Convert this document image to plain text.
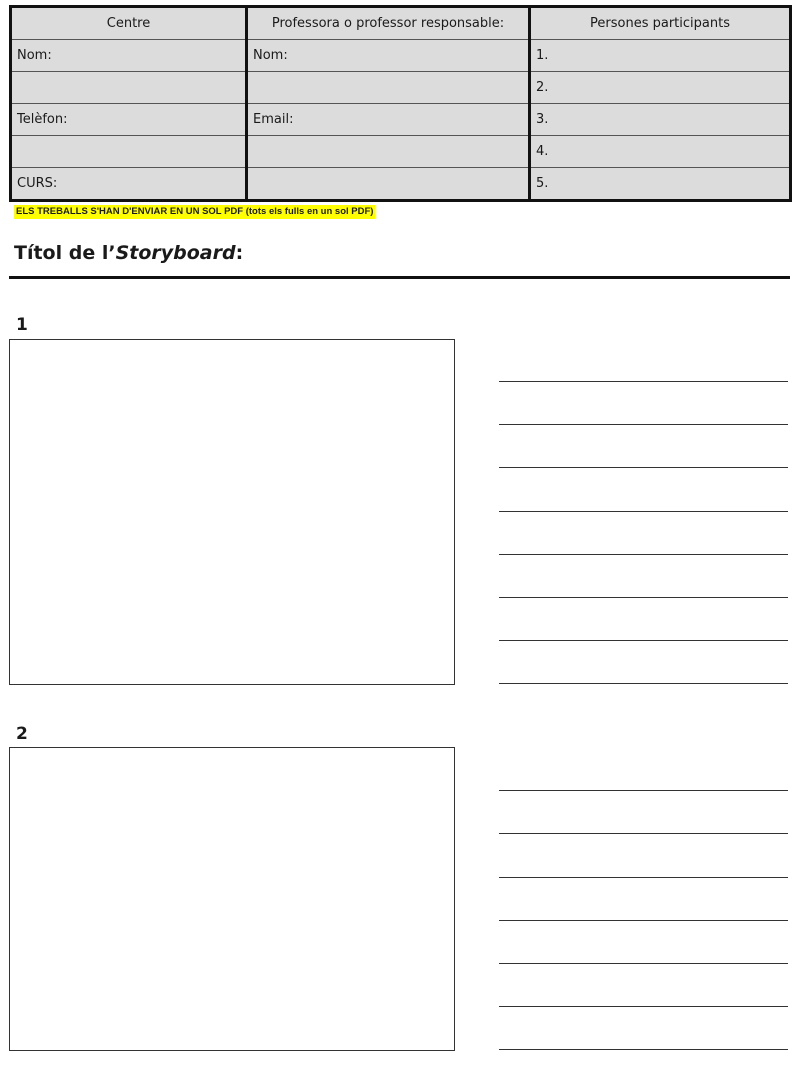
Centre	Professora o professor responsable:	Persones participants
Nom:	Nom:	1.
		2.
Telèfon:	Email:	3.
		4.
CURS:		5.
ELS TREBALLS S'HAN D'ENVIAR EN UN SOL PDF (tots els fulls en un sol PDF)
Títol de l’Storyboard:
1
2
